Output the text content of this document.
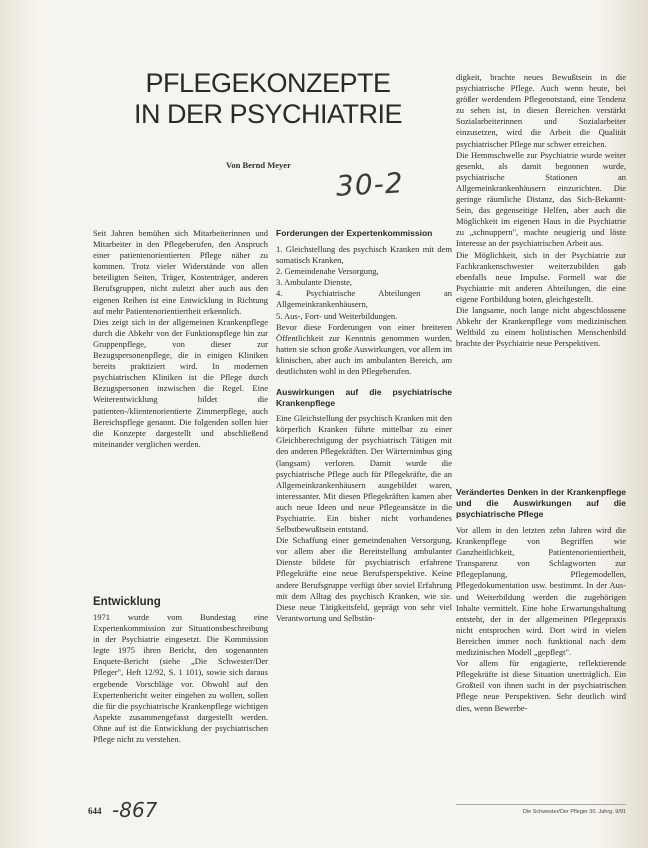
PFLEGEKONZEPTE
IN DER PSYCHIATRIE
Von Bernd Meyer
30-2

Seit Jahren bemühen sich Mitarbeiterinnen und Mitarbeiter in den Pflegeberufen, den Anspruch einer patientenorientierten Pflege näher zu kommen. Trotz vieler Widerstände von allen beteiligten Seiten, Träger, Kostenträger, anderen Berufsgruppen, nicht zuletzt aber auch aus den eigenen Reihen ist eine Entwicklung in Richtung auf mehr Patientenorientiertheit erkennlich.
Dies zeigt sich in der allgemeinen Krankenpflege durch die Abkehr von der Funktionspflege hin zur Gruppenpflege, von dieser zur Bezugspersonenpflege, die in einigen Kliniken bereits praktiziert wird. In modernen psychiatrischen Kliniken ist die Pflege durch Bezugspersonen inzwischen die Regel. Eine Weiterentwicklung bildet die patienten-/klientenorientierte Zimmerpflege, auch Bereichspflege genannt. Die folgenden sollen hier die Konzepte dargestellt und abschließend miteinander verglichen werden.

Entwicklung

1971 wurde vom Bundestag eine Expertenkommission zur Situationsbeschreibung in der Psychiatrie eingesetzt. Die Kommission legte 1975 ihren Bericht, den sogenannten Enquete-Bericht (siehe „Die Schwester/Der Pfleger", Heft 12/92, S. 1 101), sowie sich daraus ergebende Vorschläge vor. Obwohl auf den Expertenbericht weiter eingehen zu wollen, sollen die für die psychiatrische Krankenpflege wichtigen Aspekte zusammengefasst dargestellt werden. Ohne auf ist die Entwicklung der psychiatrischen Pflege nicht zu verstehen.

Forderungen der Expertenkommission

1. Gleichstellung des psychisch Kranken mit dem somatisch Kranken,
2. Gemeindenahe Versorgung,
3. Ambulante Dienste,
4. Psychiatrische Abteilungen an Allgemeinkrankenhäusern,
5. Aus-, Fort- und Weiterbildungen.

Bevor diese Forderungen von einer breiteren Öffentlichkeit zur Kenntnis genommen wurden, hatten sie schon große Auswirkungen, vor allem im klinischen, aber auch im ambulanten Bereich, am deutlichsten wohl in den Pflegeberufen.

Auswirkungen auf die psychiatrische Krankenpflege

Eine Gleichstellung der psychisch Kranken mit den körperlich Kranken führte mittelbar zu einer Gleichberechtigung der psychiatrisch Tätigen mit den anderen Pflegekräften. Der Wärternimbus ging (langsam) verloren. Damit wurde die psychiatrische Pflege auch für Pflegekräfte, die an Allgemeinkrankenhäusern ausgebildet waren, interessanter. Mit diesen Pflegekräften kamen aber auch neue Ideen und neue Pflegeansätze in die Psychiatrie. Ein bisher nicht vorhandenes Selbstbewußtsein entstand.
Die Schaffung einer gemeindenahen Versorgung, vor allem aber die Bereitstellung ambulanter Dienste bildete für psychiatrisch erfahrene Pflegekräfte eine neue Berufsperspektive. Keine andere Berufsgruppe verfügt über soviel Erfahrung mit dem Alltag des psychisch Kranken, wie sie. Diese neue Tätigkeitsfeld, geprägt von sehr viel Verantwortung und Selbstän-

digkeit, brachte neues Bewußtsein in die psychiatrische Pflege. Auch wenn heute, bei größer werdendem Pflegenotstand, eine Tendenz zu sehen ist, in diesen Bereichen verstärkt Sozialarbeiterinnen und Sozialarbeiter einzusetzen, wird die Arbeit die Qualität psychiatrischer Pflege nur schwer erreichen.
Die Hemmschwelle zur Psychiatrie wurde weiter gesenkt, als damit begonnen wurde, psychiatrische Stationen an Allgemeinkrankenhäusern einzurichten. Die geringe räumliche Distanz, das Sich-Bekannt-Sein, das gegenseitige Helfen, aber auch die Möglichkeit im eigenen Haus in die Psychiatrie zu „schnuppern", machte neugierig und löste Interesse an der psychiatrischen Arbeit aus.
Die Möglichkeit, sich in der Psychiatrie zur Fachkrankenschwester weiterzubilden gab ebenfalls neue Impulse. Formell war die Psychiatrie mit anderen Abteilungen, die eine eigene Fortbildung boten, gleichgestellt.
Die langsame, noch lange nicht abgeschlossene Abkehr der Krankenpflege vom medizinischen Weltbild zu einem holistischen Menschenbild brachte der Psychiatrie neue Perspektiven.

Verändertes Denken in der Krankenpflege und die Auswirkungen auf die psychiatrische Pflege

Vor allem in den letzten zehn Jahren wird die Krankenpflege von Begriffen wie Ganzheitlichkeit, Patientenorientiertheit, Transparenz von Schlagworten zur Pflegeplanung, Pflegemodellen, Pflegedokumentation usw. bestimmt. In der Aus- und Weiterbildung werden die zugehörigen Inhalte vermittelt. Eine hohe Erwartungshaltung entsteht, der in der allgemeinen Pflegepraxis nicht entsprochen wird. Dort wird in vielen Bereichen immer noch funktional nach dem medizinischen Modell „gepflegt".
Vor allem für engagierte, reflektierende Pflegekräfte ist diese Situation unerträglich. Ein Großteil von ihnen sucht in der psychiatrischen Pflege neue Perspektiven. Sehr deutlich wird dies, wenn Bewerbe-

644 -867	Die Schwester/Der Pfleger 30. Jahrg. 9/91
